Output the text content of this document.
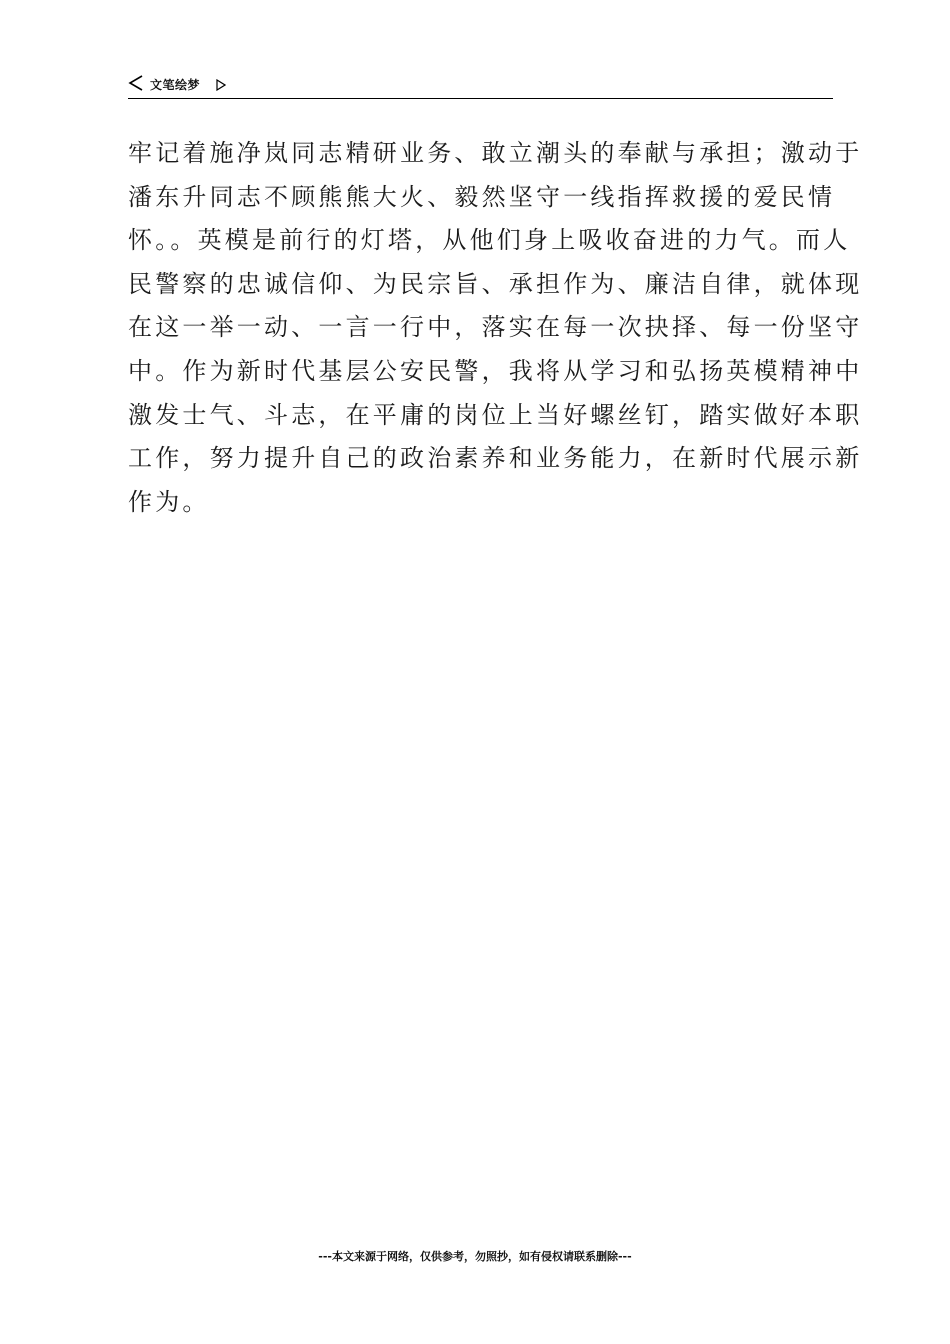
文笔绘梦
牢记着施净岚同志精研业务、敢立潮头的奉献与承担；激动于
潘东升同志不顾熊熊大火、毅然坚守一线指挥救援的爱民情
怀。。英模是前行的灯塔，从他们身上吸收奋进的力气。而人
民警察的忠诚信仰、为民宗旨、承担作为、廉洁自律，就体现
在这一举一动、一言一行中，落实在每一次抉择、每一份坚守
中。作为新时代基层公安民警，我将从学习和弘扬英模精神中
激发士气、斗志，在平庸的岗位上当好螺丝钉，踏实做好本职
工作，努力提升自己的政治素养和业务能力，在新时代展示新
作为。
---本文来源于网络，仅供参考，勿照抄，如有侵权请联系删除---
